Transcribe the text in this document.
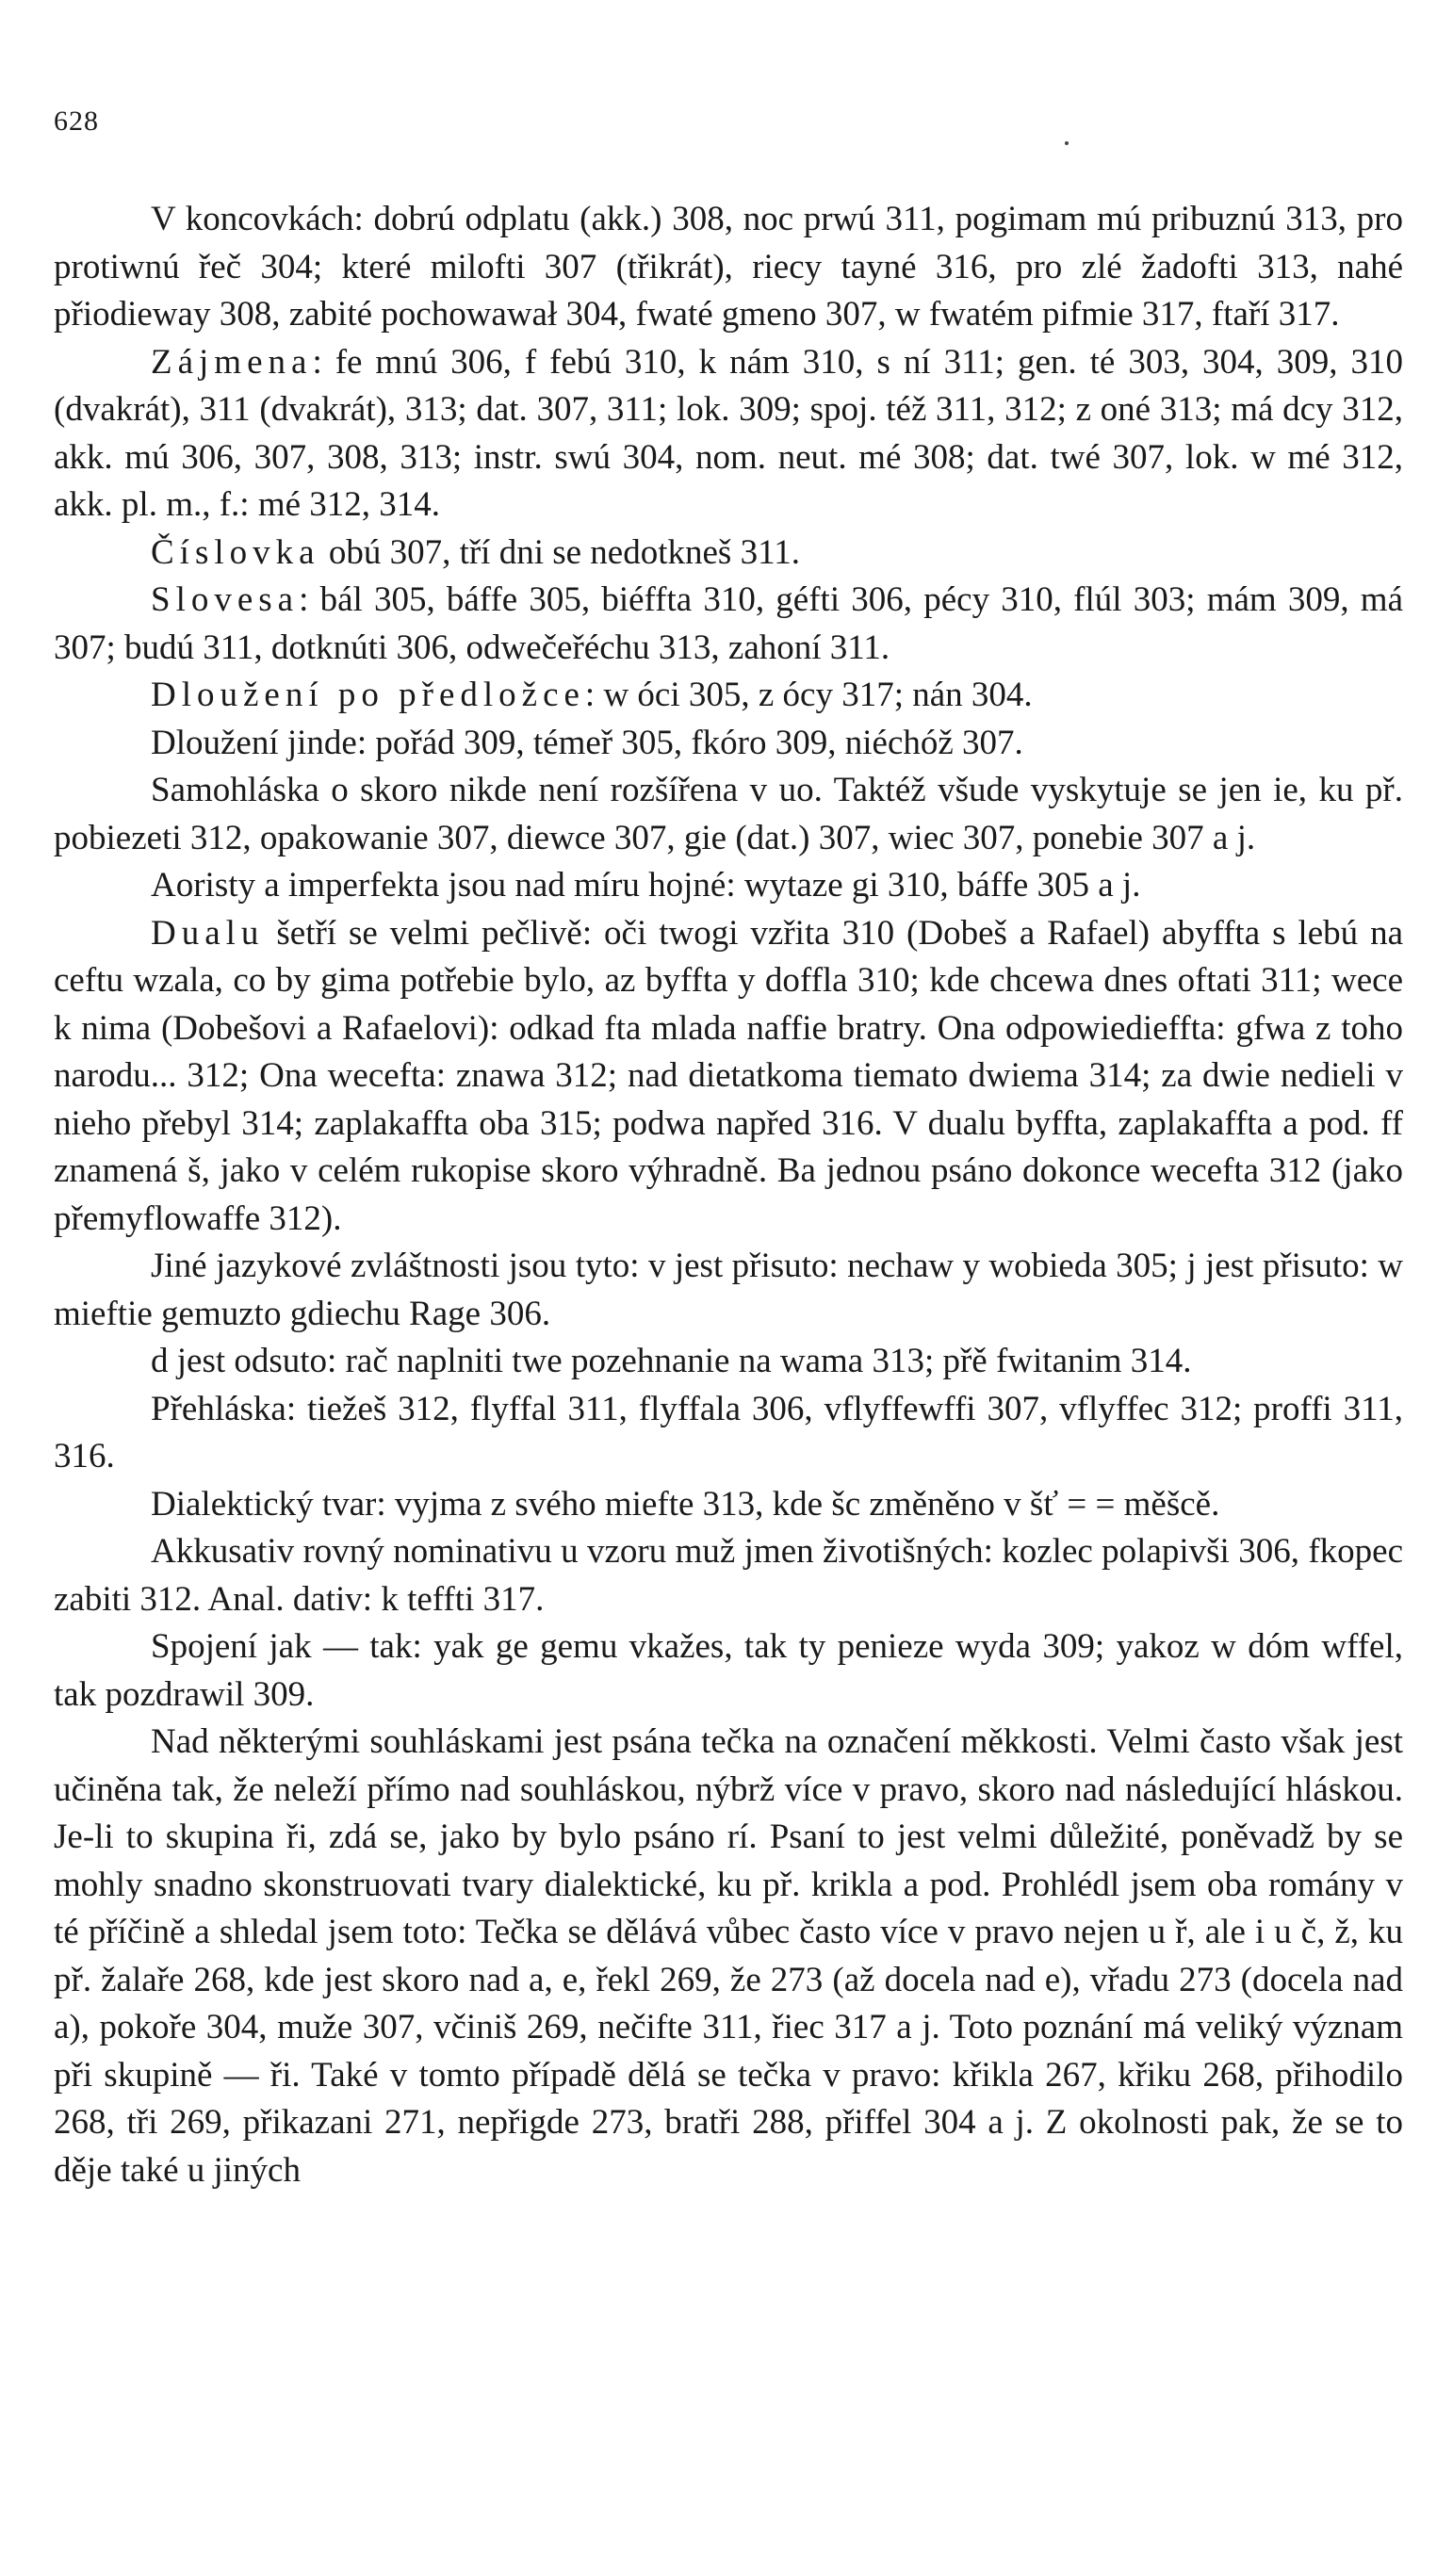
628

V koncovkách: dobrú odplatu (akk.) 308, noc prwú 311, pogimam mú pribuznú 313, pro protiwnú řeč 304; které milofti 307 (třikrát), riecy tayné 316, pro zlé žadofti 313, nahé přiodieway 308, zabité pochowawał 304, fwaté gmeno 307, w fwatém pifmie 317, ftaří 317.

Zájmena: fe mnú 306, f febú 310, k nám 310, s ní 311; gen. té 303, 304, 309, 310 (dvakrát), 311 (dvakrát), 313; dat. 307, 311; lok. 309; spoj. též 311, 312; z oné 313; má dcy 312, akk. mú 306, 307, 308, 313; instr. swú 304, nom. neut. mé 308; dat. twé 307, lok. w mé 312, akk. pl. m., f.: mé 312, 314.

Číslovka obú 307, tří dni se nedotkneš 311.

Slovesa: bál 305, báffe 305, biéffta 310, géfti 306, pécy 310, flúl 303; mám 309, má 307; budú 311, dotknúti 306, odwečeřéchu 313, zahoní 311.

Dloužení po předložce: w óci 305, z ócy 317; nán 304.

Dloužení jinde: pořád 309, témeř 305, fkóro 309, niéchóž 307.

Samohláska o skoro nikde není rozšířena v uo. Taktéž všude vyskytuje se jen ie, ku př. pobiezeti 312, opakowanie 307, diewce 307, gie (dat.) 307, wiec 307, ponebie 307 a j.

Aoristy a imperfekta jsou nad míru hojné: wytaze gi 310, báffe 305 a j.

Dualu šetří se velmi pečlivě: oči twogi vzřita 310 (Dobeš a Rafael) abyffta s lebú na ceftu wzala, co by gima potřebie bylo, az byffta y doffla 310; kde chcewa dnes oftati 311; wece k nima (Dobešovi a Rafaelovi): odkad fta mlada naffie bratry. Ona odpowiedieffta: gfwa z toho narodu... 312; Ona wecefta: znawa 312; nad dietatkoma tiemato dwiema 314; za dwie nedieli v nieho přebyl 314; zaplakaffta oba 315; podwa napřed 316. V dualu byffta, zaplakaffta a pod. ff znamená š, jako v celém rukopise skoro výhradně. Ba jednou psáno dokonce wecefta 312 (jako přemyflowaffe 312).

Jiné jazykové zvláštnosti jsou tyto: v jest přisuto: nechaw y wobieda 305; j jest přisuto: w mieftie gemuzto gdiechu Rage 306.

d jest odsuto: rač naplniti twe pozehnanie na wama 313; přě fwitanim 314.

Přehláska: tiežeš 312, flyffal 311, flyffala 306, vflyffewffi 307, vflyffec 312; proffi 311, 316.

Dialektický tvar: vyjma z svého miefte 313, kde šc změněno v šť = = měšcě.

Akkusativ rovný nominativu u vzoru muž jmen životišných: kozlec polapivši 306, fkopec zabiti 312. Anal. dativ: k teffti 317.

Spojení jak — tak: yak ge gemu vkažes, tak ty penieze wyda 309; yakoz w dóm wffel, tak pozdrawil 309.

Nad některými souhláskami jest psána tečka na označení měkkosti. Velmi často však jest učiněna tak, že neleží přímo nad souhláskou, nýbrž více v pravo, skoro nad následující hláskou. Je-li to skupina ři, zdá se, jako by bylo psáno rí. Psaní to jest velmi důležité, poněvadž by se mohly snadno skonstruovati tvary dialektické, ku př. krikla a pod. Prohlédl jsem oba romány v té příčině a shledal jsem toto: Tečka se dělává vůbec často více v pravo nejen u ř, ale i u č, ž, ku př. žalaře 268, kde jest skoro nad a, e, řekl 269, že 273 (až docela nad e), vřadu 273 (docela nad a), pokoře 304, muže 307, včiniš 269, nečifte 311, řiec 317 a j. Toto poznání má veliký význam při skupině — ři. Také v tomto případě dělá se tečka v pravo: křikla 267, křiku 268, přihodilo 268, tři 269, přikazani 271, nepřigde 273, bratři 288, přiffel 304 a j. Z okolnosti pak, že se to děje také u jiných
